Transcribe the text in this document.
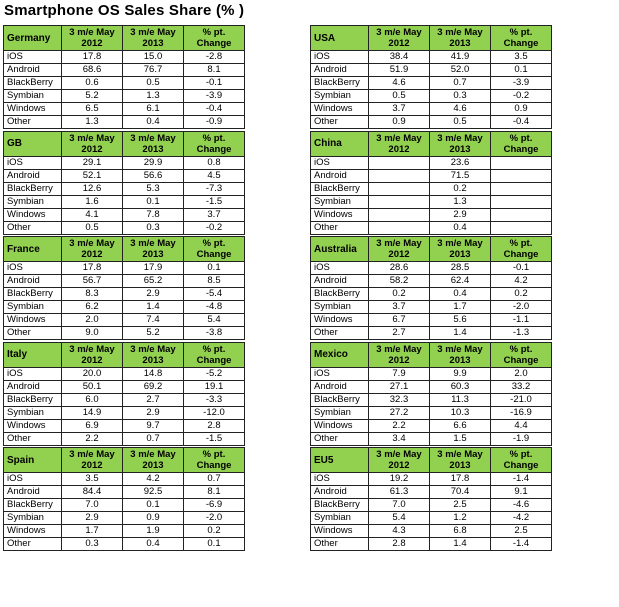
Smartphone OS Sales Share (% )
Germany	3 m/e May 2012	3 m/e May 2013	% pt. Change
iOS	17.8	15.0	-2.8
Android	68.6	76.7	8.1
BlackBerry	0.6	0.5	-0.1
Symbian	5.2	1.3	-3.9
Windows	6.5	6.1	-0.4
Other	1.3	0.4	-0.9
USA	3 m/e May 2012	3 m/e May 2013	% pt. Change
iOS	38.4	41.9	3.5
Android	51.9	52.0	0.1
BlackBerry	4.6	0.7	-3.9
Symbian	0.5	0.3	-0.2
Windows	3.7	4.6	0.9
Other	0.9	0.5	-0.4
GB	3 m/e May 2012	3 m/e May 2013	% pt. Change
iOS	29.1	29.9	0.8
Android	52.1	56.6	4.5
BlackBerry	12.6	5.3	-7.3
Symbian	1.6	0.1	-1.5
Windows	4.1	7.8	3.7
Other	0.5	0.3	-0.2
China	3 m/e May 2012	3 m/e May 2013	% pt. Change
iOS		23.6	
Android		71.5	
BlackBerry		0.2	
Symbian		1.3	
Windows		2.9	
Other		0.4	
France	3 m/e May 2012	3 m/e May 2013	% pt. Change
iOS	17.8	17.9	0.1
Android	56.7	65.2	8.5
BlackBerry	8.3	2.9	-5.4
Symbian	6.2	1.4	-4.8
Windows	2.0	7.4	5.4
Other	9.0	5.2	-3.8
Australia	3 m/e May 2012	3 m/e May 2013	% pt. Change
iOS	28.6	28.5	-0.1
Android	58.2	62.4	4.2
BlackBerry	0.2	0.4	0.2
Symbian	3.7	1.7	-2.0
Windows	6.7	5.6	-1.1
Other	2.7	1.4	-1.3
Italy	3 m/e May 2012	3 m/e May 2013	% pt. Change
iOS	20.0	14.8	-5.2
Android	50.1	69.2	19.1
BlackBerry	6.0	2.7	-3.3
Symbian	14.9	2.9	-12.0
Windows	6.9	9.7	2.8
Other	2.2	0.7	-1.5
Mexico	3 m/e May 2012	3 m/e May 2013	% pt. Change
iOS	7.9	9.9	2.0
Android	27.1	60.3	33.2
BlackBerry	32.3	11.3	-21.0
Symbian	27.2	10.3	-16.9
Windows	2.2	6.6	4.4
Other	3.4	1.5	-1.9
Spain	3 m/e May 2012	3 m/e May 2013	% pt. Change
iOS	3.5	4.2	0.7
Android	84.4	92.5	8.1
BlackBerry	7.0	0.1	-6.9
Symbian	2.9	0.9	-2.0
Windows	1.7	1.9	0.2
Other	0.3	0.4	0.1
EU5	3 m/e May 2012	3 m/e May 2013	% pt. Change
iOS	19.2	17.8	-1.4
Android	61.3	70.4	9.1
BlackBerry	7.0	2.5	-4.6
Symbian	5.4	1.2	-4.2
Windows	4.3	6.8	2.5
Other	2.8	1.4	-1.4
